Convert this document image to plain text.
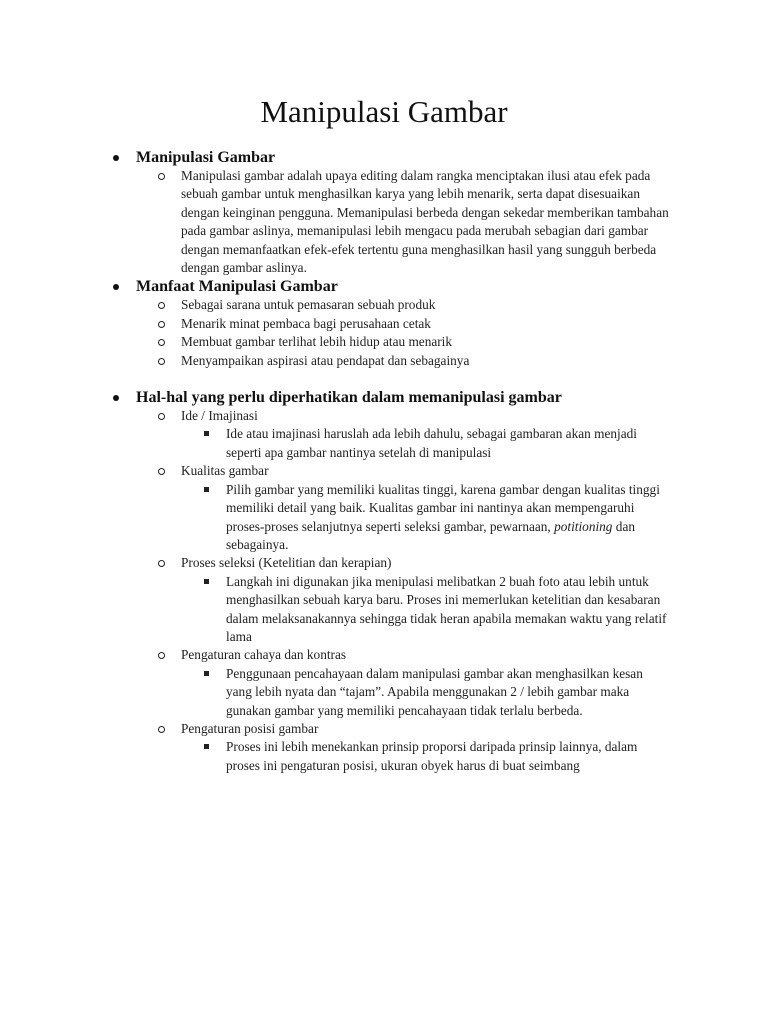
Manipulasi Gambar
Manipulasi Gambar
Manipulasi gambar adalah upaya editing dalam rangka menciptakan ilusi atau efek pada sebuah gambar untuk menghasilkan karya yang lebih menarik, serta dapat disesuaikan dengan keinginan pengguna. Memanipulasi berbeda dengan sekedar memberikan tambahan pada gambar aslinya, memanipulasi lebih mengacu pada merubah sebagian dari gambar dengan memanfaatkan efek-efek tertentu guna menghasilkan hasil yang sungguh berbeda dengan gambar aslinya.
Manfaat Manipulasi Gambar
Sebagai sarana untuk pemasaran sebuah produk
Menarik minat pembaca bagi perusahaan cetak
Membuat gambar terlihat lebih hidup atau menarik
Menyampaikan aspirasi atau pendapat dan sebagainya
Hal-hal yang perlu diperhatikan dalam memanipulasi gambar
Ide / Imajinasi
Ide atau imajinasi haruslah ada lebih dahulu, sebagai gambaran akan menjadi seperti apa gambar nantinya setelah di manipulasi
Kualitas gambar
Pilih gambar yang memiliki kualitas tinggi, karena gambar dengan kualitas tinggi memiliki detail yang baik. Kualitas gambar ini nantinya akan mempengaruhi proses-proses selanjutnya seperti seleksi gambar, pewarnaan, potitioning dan sebagainya.
Proses seleksi (Ketelitian dan kerapian)
Langkah ini digunakan jika menipulasi melibatkan 2 buah foto atau lebih untuk menghasilkan sebuah karya baru. Proses ini memerlukan ketelitian dan kesabaran dalam melaksanakannya sehingga tidak heran apabila memakan waktu yang relatif lama
Pengaturan cahaya dan kontras
Penggunaan pencahayaan dalam manipulasi gambar akan menghasilkan kesan yang lebih nyata dan “tajam”. Apabila menggunakan 2 / lebih gambar maka gunakan gambar yang memiliki pencahayaan tidak terlalu berbeda.
Pengaturan posisi gambar
Proses ini lebih menekankan prinsip proporsi daripada prinsip lainnya, dalam proses ini pengaturan posisi, ukuran obyek harus di buat seimbang
